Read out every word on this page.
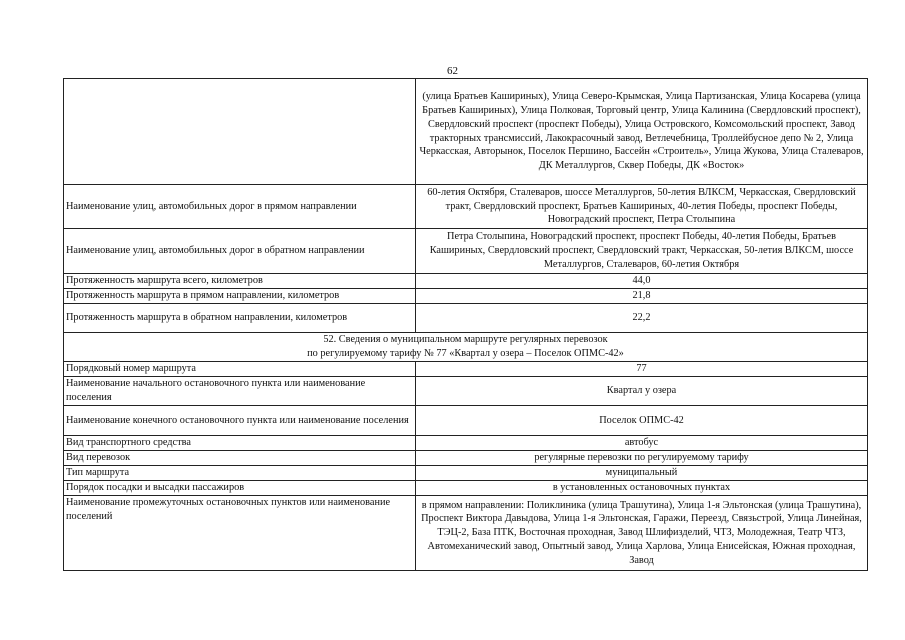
62
	(улица Братьев Кашириных), Улица Северо-Крымская, Улица Партизанская, Улица Косарева (улица Братьев Кашириных), Улица Полковая, Торговый центр, Улица Калинина (Свердловский проспект), Свердловский проспект (проспект Победы), Улица Островского, Комсомольский проспект, Завод тракторных трансмиссий, Лакокрасочный завод, Ветлечебница, Троллейбусное депо № 2, Улица Черкасская, Авторынок, Поселок Першино, Бассейн «Строитель», Улица Жукова, Улица Сталеваров, ДК Металлургов, Сквер Победы, ДК «Восток»
Наименование улиц, автомобильных дорог в прямом направлении	60-летия Октября, Сталеваров, шоссе Металлургов, 50-летия ВЛКСМ, Черкасская, Свердловский тракт, Свердловский проспект, Братьев Кашириных, 40-летия Победы, проспект Победы, Новоградский проспект, Петра Столыпина
Наименование улиц, автомобильных дорог в обратном направлении	Петра Столыпина, Новоградский проспект, проспект Победы, 40-летия Победы, Братьев Кашириных, Свердловский проспект, Свердловский тракт, Черкасская, 50-летия ВЛКСМ, шоссе Металлургов, Сталеваров, 60-летия Октября
Протяженность маршрута всего, километров	44,0
Протяженность маршрута в прямом направлении, километров	21,8
Протяженность маршрута в обратном направлении, километров	22,2
52. Сведения о муниципальном маршруте регулярных перевозок
по регулируемому тарифу № 77 «Квартал у озера – Поселок ОПМС-42»	
Порядковый номер маршрута	77
Наименование начального остановочного пункта или наименование поселения	Квартал у озера
Наименование конечного остановочного пункта или наименование поселения	Поселок ОПМС-42
Вид транспортного средства	автобус
Вид перевозок	регулярные перевозки по регулируемому тарифу
Тип маршрута	муниципальный
Порядок посадки и высадки пассажиров	в установленных остановочных пунктах
Наименование промежуточных остановочных пунктов или наименование поселений	в прямом направлении: Поликлиника (улица Трашутина), Улица 1-я Эльтонская (улица Трашутина), Проспект Виктора Давыдова, Улица 1-я Эльтонская, Гаражи, Переезд, Связьстрой, Улица Линейная, ТЭЦ-2, База ПТК, Восточная проходная, Завод Шлифизделий, ЧТЗ, Молодежная, Театр ЧТЗ, Автомеханический завод, Опытный завод, Улица Харлова, Улица Енисейская, Южная проходная, Завод
